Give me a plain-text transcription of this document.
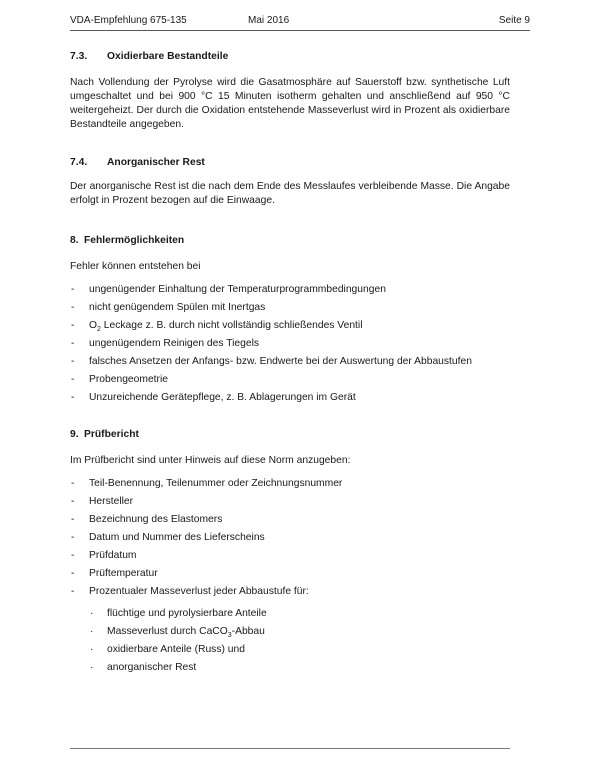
VDA-Empfehlung 675-135	Mai 2016	Seite 9
7.3.	Oxidierbare Bestandteile

Nach Vollendung der Pyrolyse wird die Gasatmosphäre auf Sauerstoff bzw. synthetische Luft umgeschaltet und bei 900 °C 15 Minuten isotherm gehalten und anschließend auf 950 °C weitergeheizt. Der durch die Oxidation entstehende Masseverlust wird in Prozent als oxidierbare Bestandteile angegeben.

7.4.	Anorganischer Rest

Der anorganische Rest ist die nach dem Ende des Messlaufes verbleibende Masse. Die Angabe erfolgt in Prozent bezogen auf die Einwaage.

8. Fehlermöglichkeiten

Fehler können entstehen bei

- ungenügender Einhaltung der Temperaturprogrammbedingungen
- nicht genügendem Spülen mit Inertgas
- $O_2$ Leckage z. B. durch nicht vollständig schließendes Ventil
- ungenügendem Reinigen des Tiegels
- falsches Ansetzen der Anfangs- bzw. Endwerte bei der Auswertung der Abbaustufen
- Probengeometrie
- Unzureichende Gerätepflege, z. B. Ablagerungen im Gerät
9. Prüfbericht

Im Prüfbericht sind unter Hinweis auf diese Norm anzugeben:

- Teil-Benennung, Teilenummer oder Zeichnungsnummer
- Hersteller
- Bezeichnung des Elastomers
- Datum und Nummer des Lieferscheins
- Prüfdatum
- Prüftemperatur
- Prozentualer Masseverlust jeder Abbaustufe für:
· flüchtige und pyrolysierbare Anteile
· Masseverlust durch CaCO$_3$-Abbau
· oxidierbare Anteile (Russ) und
· anorganischer Rest
